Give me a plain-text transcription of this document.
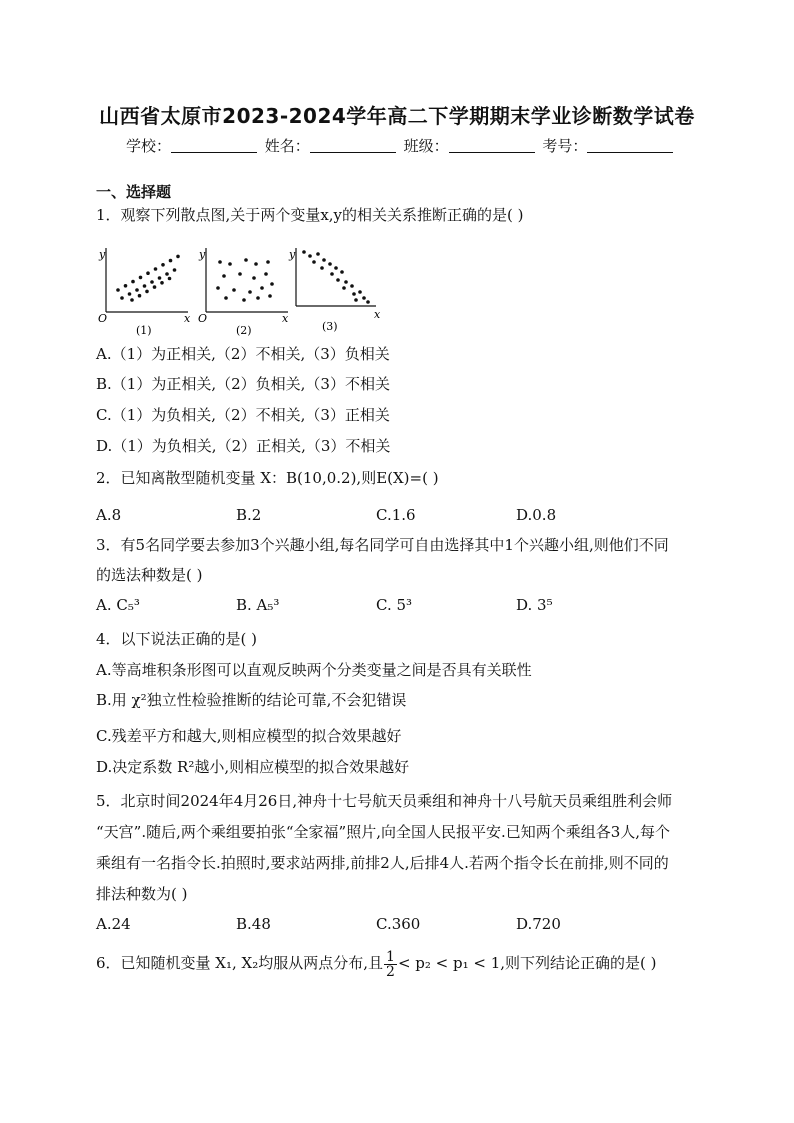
山西省太原市2023-2024学年高二下学期期末学业诊断数学试卷
学校：	姓名：	班级：	考号：
一、选择题
1．观察下列散点图,关于两个变量x,y的相关关系推断正确的是( )
y
x
O
(1)
y
x
O
(2)
y
x
(3)
A.（1）为正相关,（2）不相关,（3）负相关
B.（1）为正相关,（2）负相关,（3）不相关
C.（1）为负相关,（2）不相关,（3）正相关
D.（1）为负相关,（2）正相关,（3）不相关
2．已知离散型随机变量 X：B(10,0.2),则E(X)=( )
A.8	B.2	C.1.6	D.0.8
3．有5名同学要去参加3个兴趣小组,每名同学可自由选择其中1个兴趣小组,则他们不同
的选法种数是( )
A. C₅³	B. A₅³	C. 5³	D. 3⁵
4．以下说法正确的是( )
A.等高堆积条形图可以直观反映两个分类变量之间是否具有关联性
B.用 χ²独立性检验推断的结论可靠,不会犯错误
C.残差平方和越大,则相应模型的拟合效果越好
D.决定系数 R²越小,则相应模型的拟合效果越好
5．北京时间2024年4月26日,神舟十七号航天员乘组和神舟十八号航天员乘组胜利会师
“天宫”.随后,两个乘组要拍张“全家福”照片,向全国人民报平安.已知两个乘组各3人,每个
乘组有一名指令长.拍照时,要求站两排,前排2人,后排4人.若两个指令长在前排,则不同的
排法种数为( )
A.24	B.48	C.360	D.720
6．已知随机变量 X₁, X₂均服从两点分布,且 $\frac{1}{2} < p_2 < p_1 < 1$,则下列结论正确的是( )
